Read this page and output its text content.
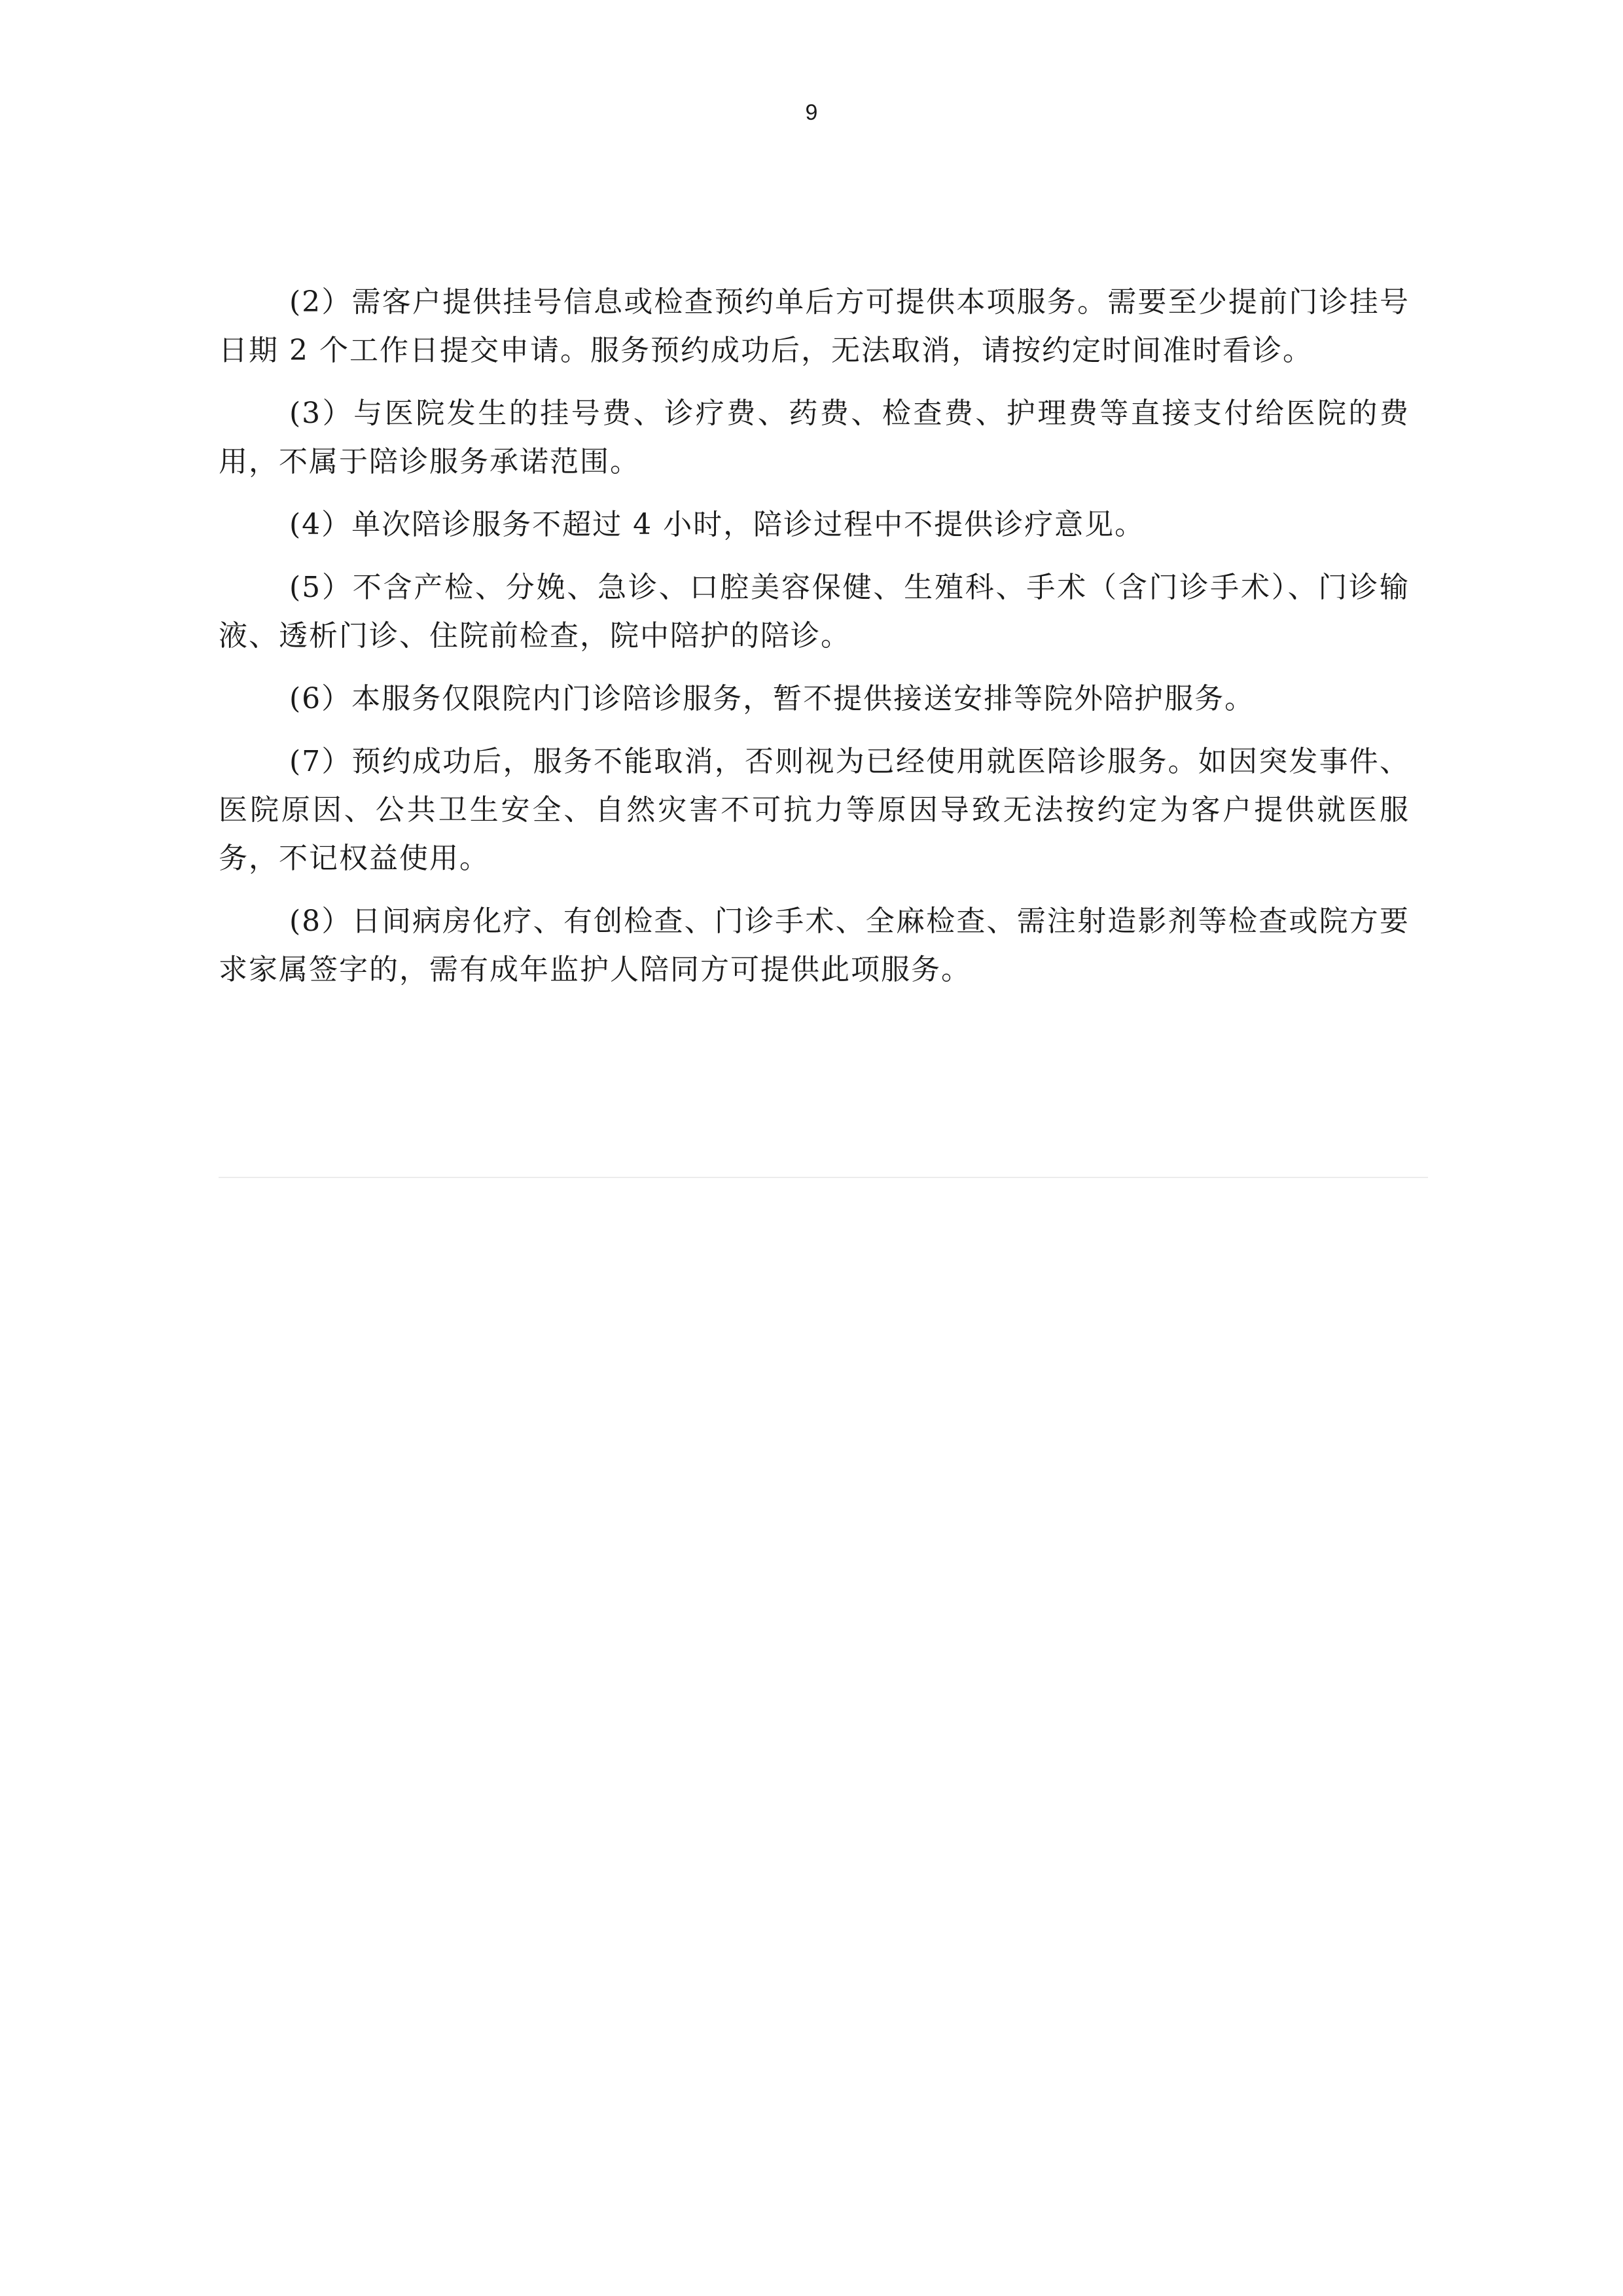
9

(2）需客户提供挂号信息或检查预约单后方可提供本项服务。需要至少提前门诊挂号日期 2 个工作日提交申请。服务预约成功后，无法取消，请按约定时间准时看诊。

(3）与医院发生的挂号费、诊疗费、药费、检查费、护理费等直接支付给医院的费用，不属于陪诊服务承诺范围。

(4）单次陪诊服务不超过 4 小时，陪诊过程中不提供诊疗意见。

(5）不含产检、分娩、急诊、口腔美容保健、生殖科、手术（含门诊手术）、门诊输液、透析门诊、住院前检查，院中陪护的陪诊。

(6）本服务仅限院内门诊陪诊服务，暂不提供接送安排等院外陪护服务。

(7）预约成功后，服务不能取消，否则视为已经使用就医陪诊服务。如因突发事件、医院原因、公共卫生安全、自然灾害不可抗力等原因导致无法按约定为客户提供就医服务，不记权益使用。

(8）日间病房化疗、有创检查、门诊手术、全麻检查、需注射造影剂等检查或院方要求家属签字的，需有成年监护人陪同方可提供此项服务。
